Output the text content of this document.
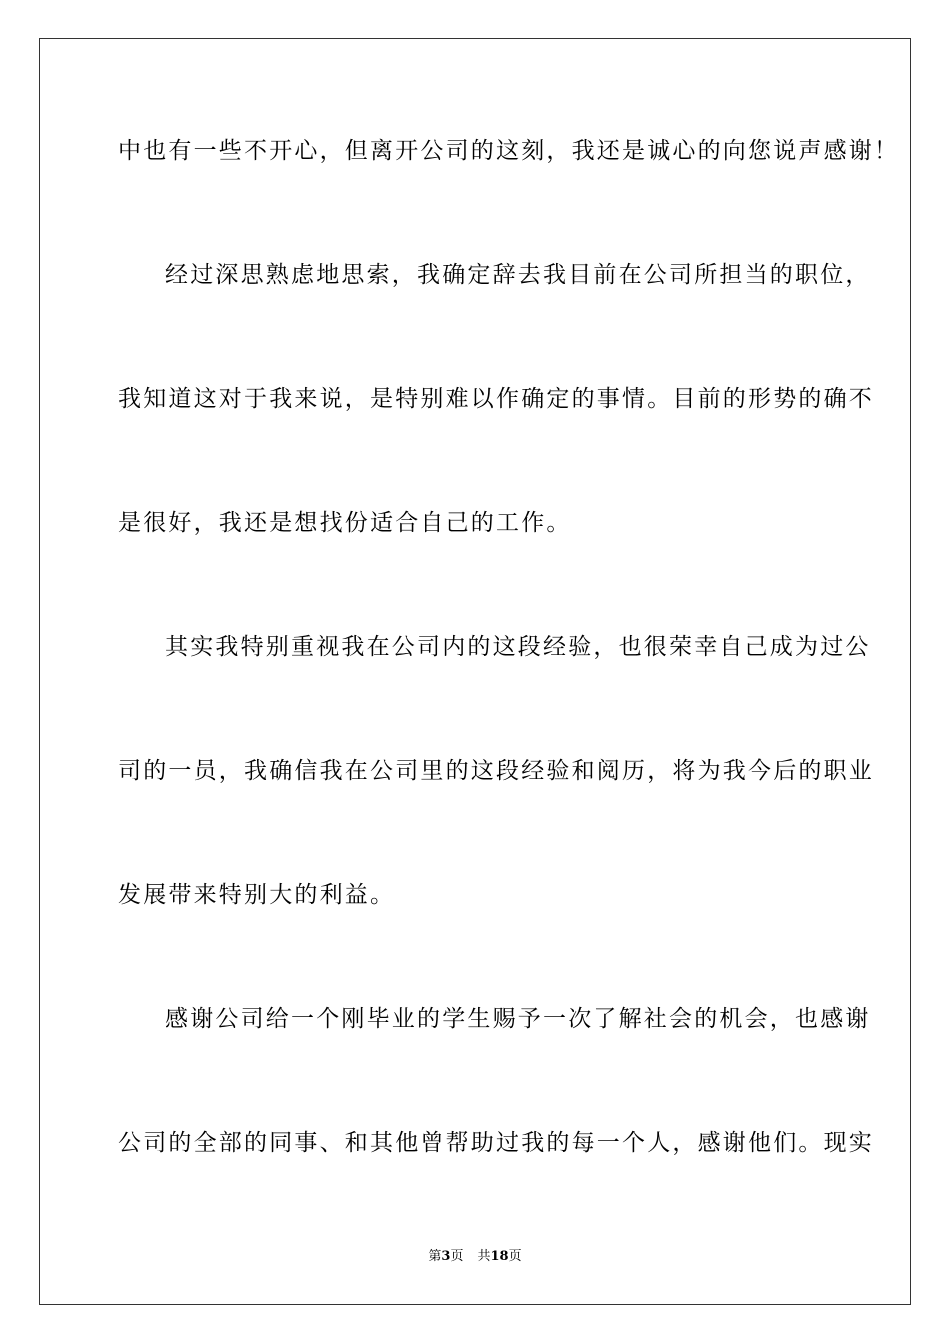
中也有一些不开心，但离开公司的这刻，我还是诚心的向您说声感谢！
经过深思熟虑地思索，我确定辞去我目前在公司所担当的职位，
我知道这对于我来说，是特别难以作确定的事情。目前的形势的确不
是很好，我还是想找份适合自己的工作。
其实我特别重视我在公司内的这段经验，也很荣幸自己成为过公
司的一员，我确信我在公司里的这段经验和阅历，将为我今后的职业
发展带来特别大的利益。
感谢公司给一个刚毕业的学生赐予一次了解社会的机会，也感谢
公司的全部的同事、和其他曾帮助过我的每一个人，感谢他们。现实
第3页 共18页
